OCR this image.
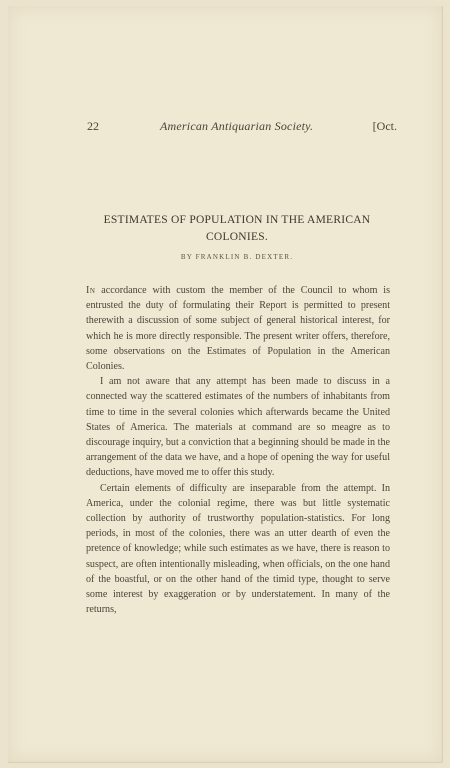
22	American Antiquarian Society.	[Oct.
ESTIMATES OF POPULATION IN THE AMERICAN COLONIES.
BY FRANKLIN B. DEXTER.

In accordance with custom the member of the Council to whom is entrusted the duty of formulating their Report is permitted to present therewith a discussion of some subject of general historical interest, for which he is more directly responsible. The present writer offers, therefore, some observations on the Estimates of Population in the American Colonies.

I am not aware that any attempt has been made to discuss in a connected way the scattered estimates of the numbers of inhabitants from time to time in the several colonies which afterwards became the United States of America. The materials at command are so meagre as to discourage inquiry, but a conviction that a beginning should be made in the arrangement of the data we have, and a hope of opening the way for useful deductions, have moved me to offer this study.

Certain elements of difficulty are inseparable from the attempt. In America, under the colonial regime, there was but little systematic collection by authority of trustworthy population-statistics. For long periods, in most of the colonies, there was an utter dearth of even the pretence of knowledge; while such estimates as we have, there is reason to suspect, are often intentionally misleading, when officials, on the one hand of the boastful, or on the other hand of the timid type, thought to serve some interest by exaggeration or by understatement. In many of the returns,
